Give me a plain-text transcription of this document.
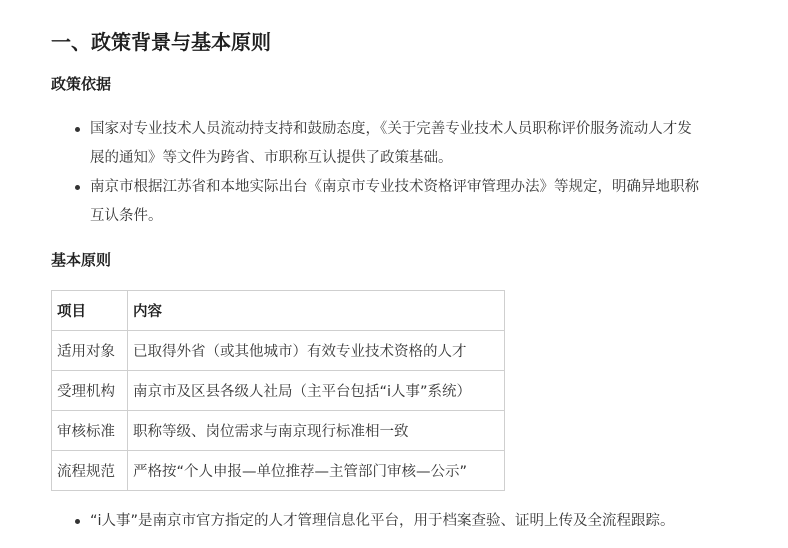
一、政策背景与基本原则
政策依据
国家对专业技术人员流动持支持和鼓励态度，《关于完善专业技术人员职称评价服务流动人才发
展的通知》等文件为跨省、市职称互认提供了政策基础。
南京市根据江苏省和本地实际出台《南京市专业技术资格评审管理办法》等规定，明确异地职称
互认条件。
基本原则
项目	内容
适用对象	已取得外省（或其他城市）有效专业技术资格的人才
受理机构	南京市及区县各级人社局（主平台包括“i人事”系统）
审核标准	职称等级、岗位需求与南京现行标准相一致
流程规范	严格按“个人申报—单位推荐—主管部门审核—公示”
“i人事”是南京市官方指定的人才管理信息化平台，用于档案查验、证明上传及全流程跟踪。
